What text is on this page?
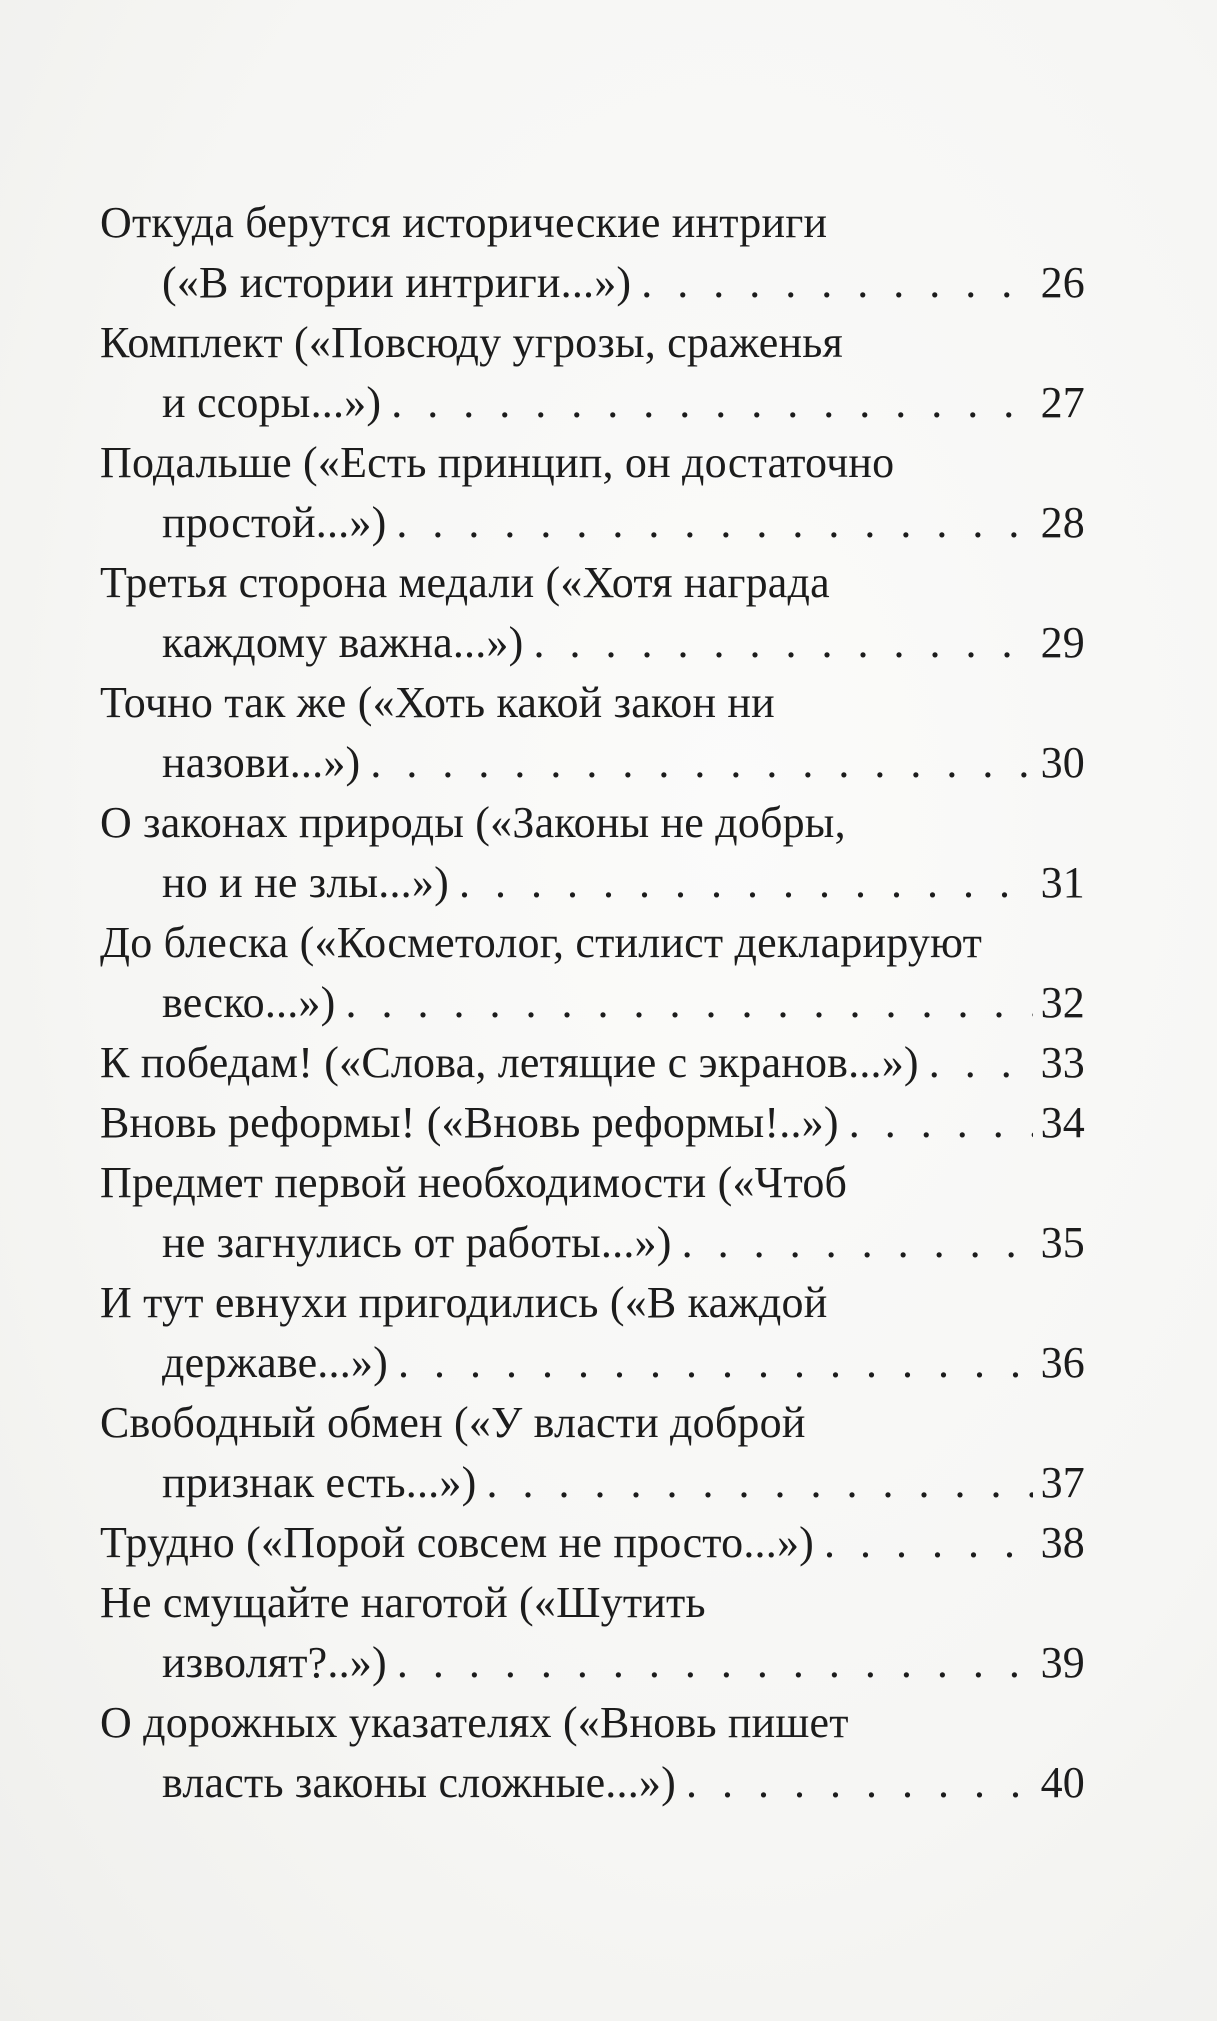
Откуда берутся исторические интриги
(«В истории интриги...») . . .	26
Комплект («Повсюду угрозы, сраженья
и ссоры...») . . .	27
Подальше («Есть принцип, он достаточно
простой...») . . .	28
Третья сторона медали («Хотя награда
каждому важна...») . . .	29
Точно так же («Хоть какой закон ни
назови...») . . .	30
О законах природы («Законы не добры,
но и не злы...») . . .	31
До блеска («Косметолог, стилист декларируют
веско...») . . .	32
К победам! («Слова, летящие с экранов...») . . .	33
Вновь реформы! («Вновь реформы!..») . . .	34
Предмет первой необходимости («Чтоб
не загнулись от работы...») . . .	35
И тут евнухи пригодились («В каждой
державе...») . . .	36
Свободный обмен («У власти доброй
признак есть...») . . .	37
Трудно («Порой совсем не просто...») . . .	38
Не смущайте наготой («Шутить
изволят?..») . . .	39
О дорожных указателях («Вновь пишет
власть законы сложные...») . . .	40
